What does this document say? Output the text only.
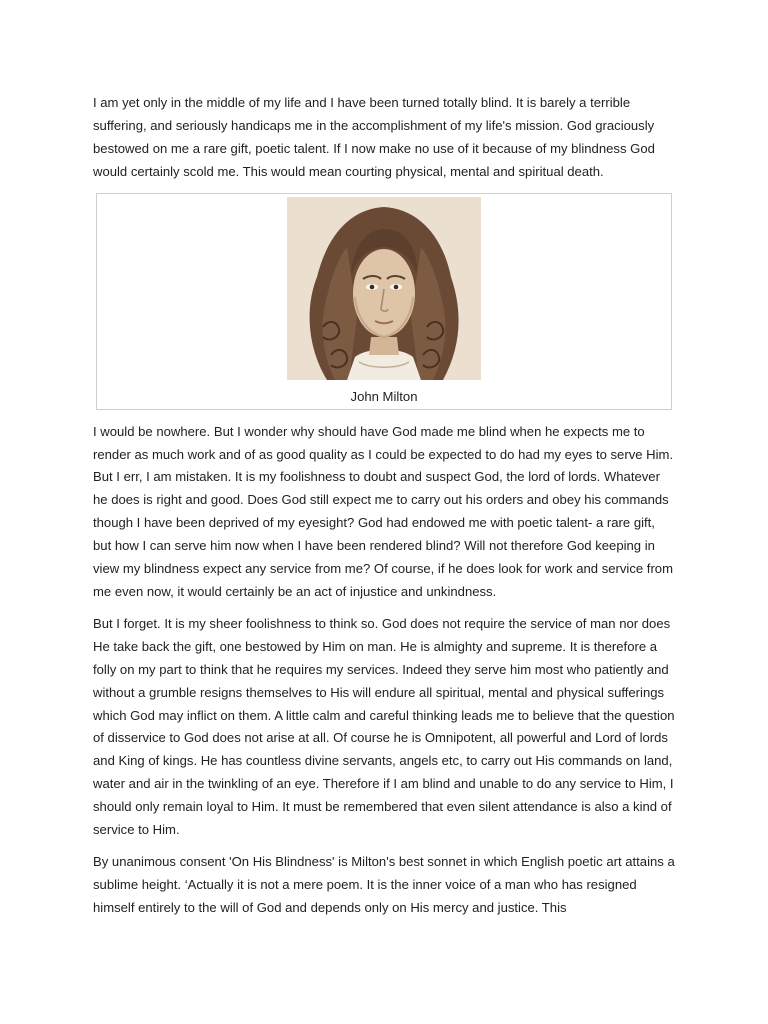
I am yet only in the middle of my life and I have been turned totally blind. It is barely a terrible suffering, and seriously handicaps me in the accomplishment of my life's mission. God graciously bestowed on me a rare gift, poetic talent. If I now make no use of it because of my blindness God would certainly scold me. This would mean courting physical, mental and spiritual death.

John Milton

I would be nowhere. But I wonder why should have God made me blind when he expects me to render as much work and of as good quality as I could be expected to do had my eyes to serve Him. But I err, I am mistaken. It is my foolishness to doubt and suspect God, the lord of lords. Whatever he does is right and good. Does God still expect me to carry out his orders and obey his commands though I have been deprived of my eyesight? God had endowed me with poetic talent- a rare gift, but how I can serve him now when I have been rendered blind? Will not therefore God keeping in view my blindness expect any service from me? Of course, if he does look for work and service from me even now, it would certainly be an act of injustice and unkindness.

But I forget. It is my sheer foolishness to think so. God does not require the service of man nor does He take back the gift, one bestowed by Him on man. He is almighty and supreme. It is therefore a folly on my part to think that he requires my services. Indeed they serve him most who patiently and without a grumble resigns themselves to His will endure all spiritual, mental and physical sufferings which God may inflict on them. A little calm and careful thinking leads me to believe that the question of disservice to God does not arise at all. Of course he is Omnipotent, all powerful and Lord of lords and King of kings. He has countless divine servants, angels etc, to carry out His commands on land, water and air in the twinkling of an eye. Therefore if I am blind and unable to do any service to Him, I should only remain loyal to Him. It must be remembered that even silent attendance is also a kind of service to Him.

By unanimous consent 'On His Blindness' is Milton's best sonnet in which English poetic art attains a sublime height. ‘Actually it is not a mere poem. It is the inner voice of a man who has resigned himself entirely to the will of God and depends only on His mercy and justice. This
